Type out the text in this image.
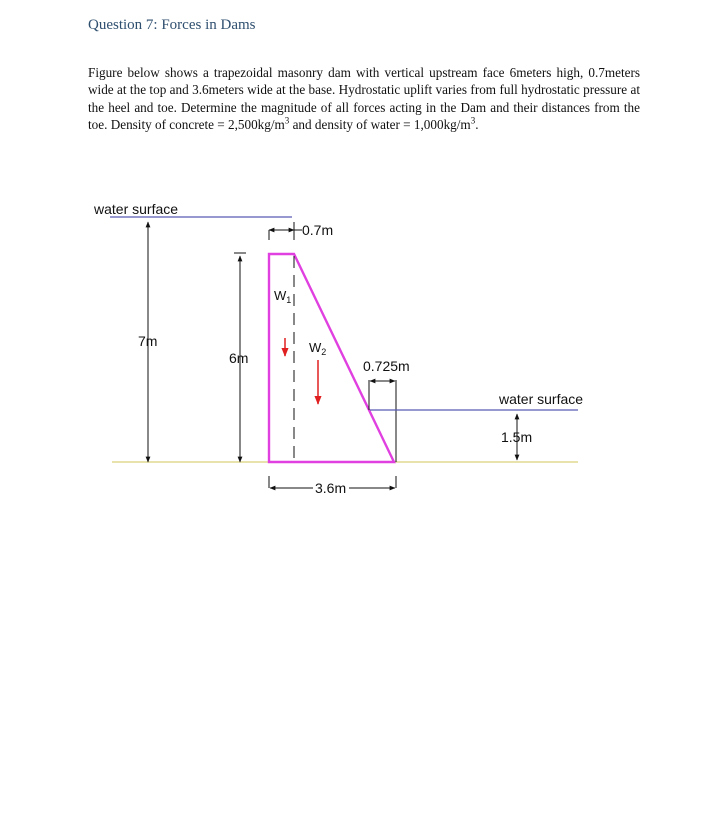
Question 7: Forces in Dams
Figure below shows a trapezoidal masonry dam with vertical upstream face 6meters high, 0.7meters wide at the top and 3.6meters wide at the base. Hydrostatic uplift varies from full hydrostatic pressure at the heel and toe. Determine the magnitude of all forces acting in the Dam and their distances from the toe. Density of concrete = $2,500kg/m^3$ and density of water = $1,000kg/m^3$.
water surface
7m
6m
0.7m
$W_1$
$W_2$
0.725m
water surface
1.5m
3.6m
